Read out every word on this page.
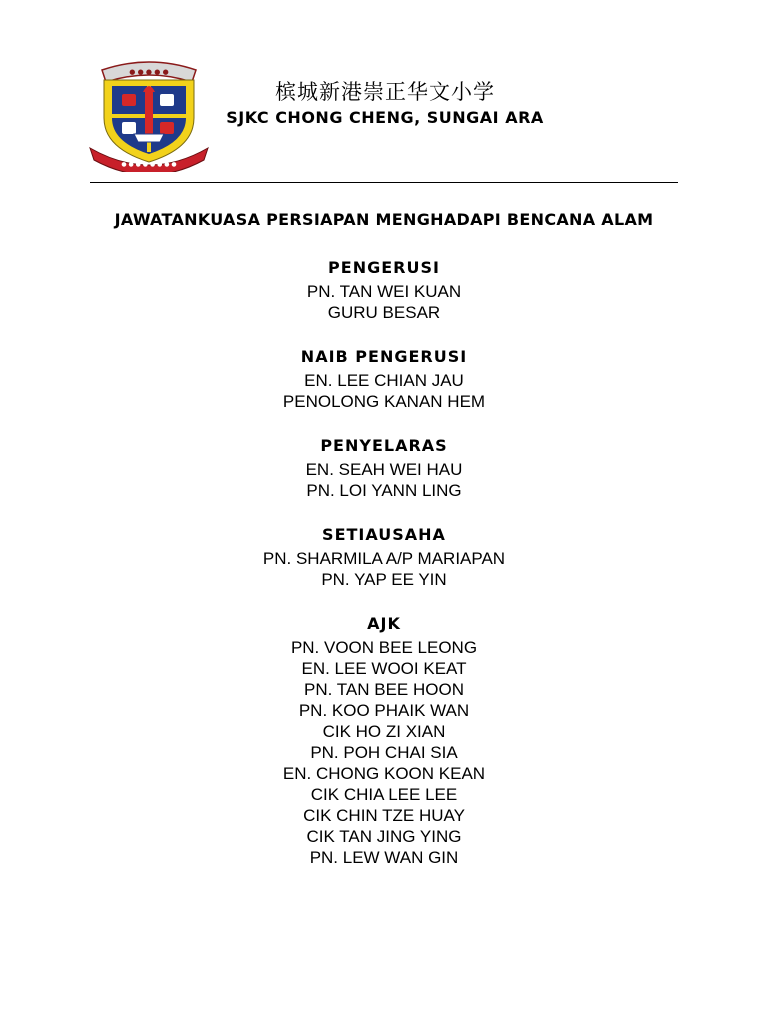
● ● ● ● ●
● ● ● ● ● ● ● ●
槟城新港崇正华文小学
SJKC CHONG CHENG, SUNGAI ARA
JAWATANKUASA PERSIAPAN MENGHADAPI BENCANA ALAM
PENGERUSI
PN. TAN WEI KUAN
GURU BESAR
NAIB PENGERUSI
EN. LEE CHIAN JAU
PENOLONG KANAN HEM
PENYELARAS
EN. SEAH WEI HAU
PN. LOI YANN LING
SETIAUSAHA
PN. SHARMILA A/P MARIAPAN
PN. YAP EE YIN
AJK
PN. VOON BEE LEONG
EN. LEE WOOI KEAT
PN. TAN BEE HOON
PN. KOO PHAIK WAN
CIK HO ZI XIAN
PN. POH CHAI SIA
EN. CHONG KOON KEAN
CIK CHIA LEE LEE
CIK CHIN TZE HUAY
CIK TAN JING YING
PN. LEW WAN GIN
